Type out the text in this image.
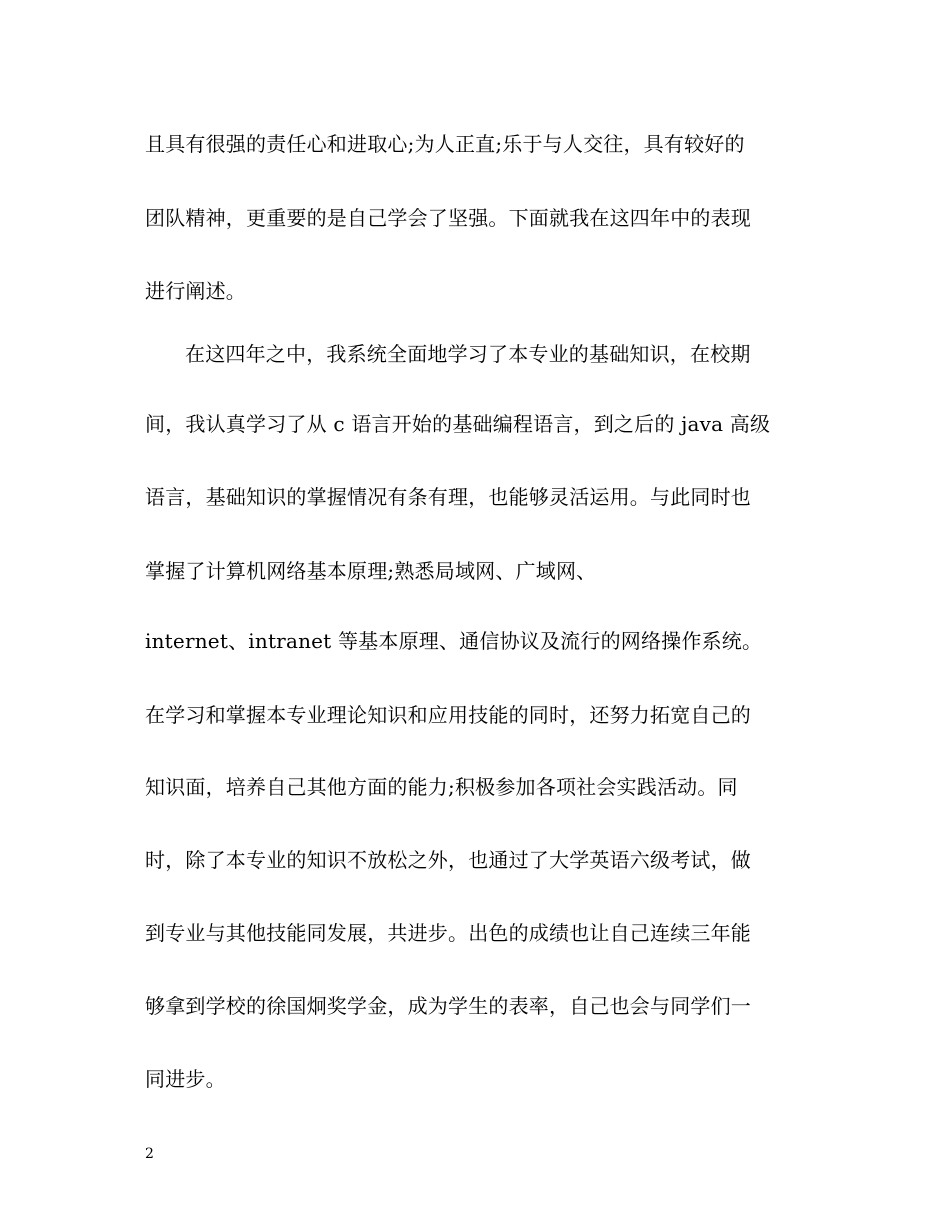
且具有很强的责任心和进取心;为人正直;乐于与人交往，具有较好的
团队精神，更重要的是自己学会了坚强。下面就我在这四年中的表现
进行阐述。
在这四年之中，我系统全面地学习了本专业的基础知识，在校期
间，我认真学习了从 c 语言开始的基础编程语言，到之后的 java 高级
语言，基础知识的掌握情况有条有理，也能够灵活运用。与此同时也
掌握了计算机网络基本原理;熟悉局域网、广域网、
internet、intranet 等基本原理、通信协议及流行的网络操作系统。
在学习和掌握本专业理论知识和应用技能的同时，还努力拓宽自己的
知识面，培养自己其他方面的能力;积极参加各项社会实践活动。同
时，除了本专业的知识不放松之外，也通过了大学英语六级考试，做
到专业与其他技能同发展，共进步。出色的成绩也让自己连续三年能
够拿到学校的徐国炯奖学金，成为学生的表率，自己也会与同学们一
同进步。
2
